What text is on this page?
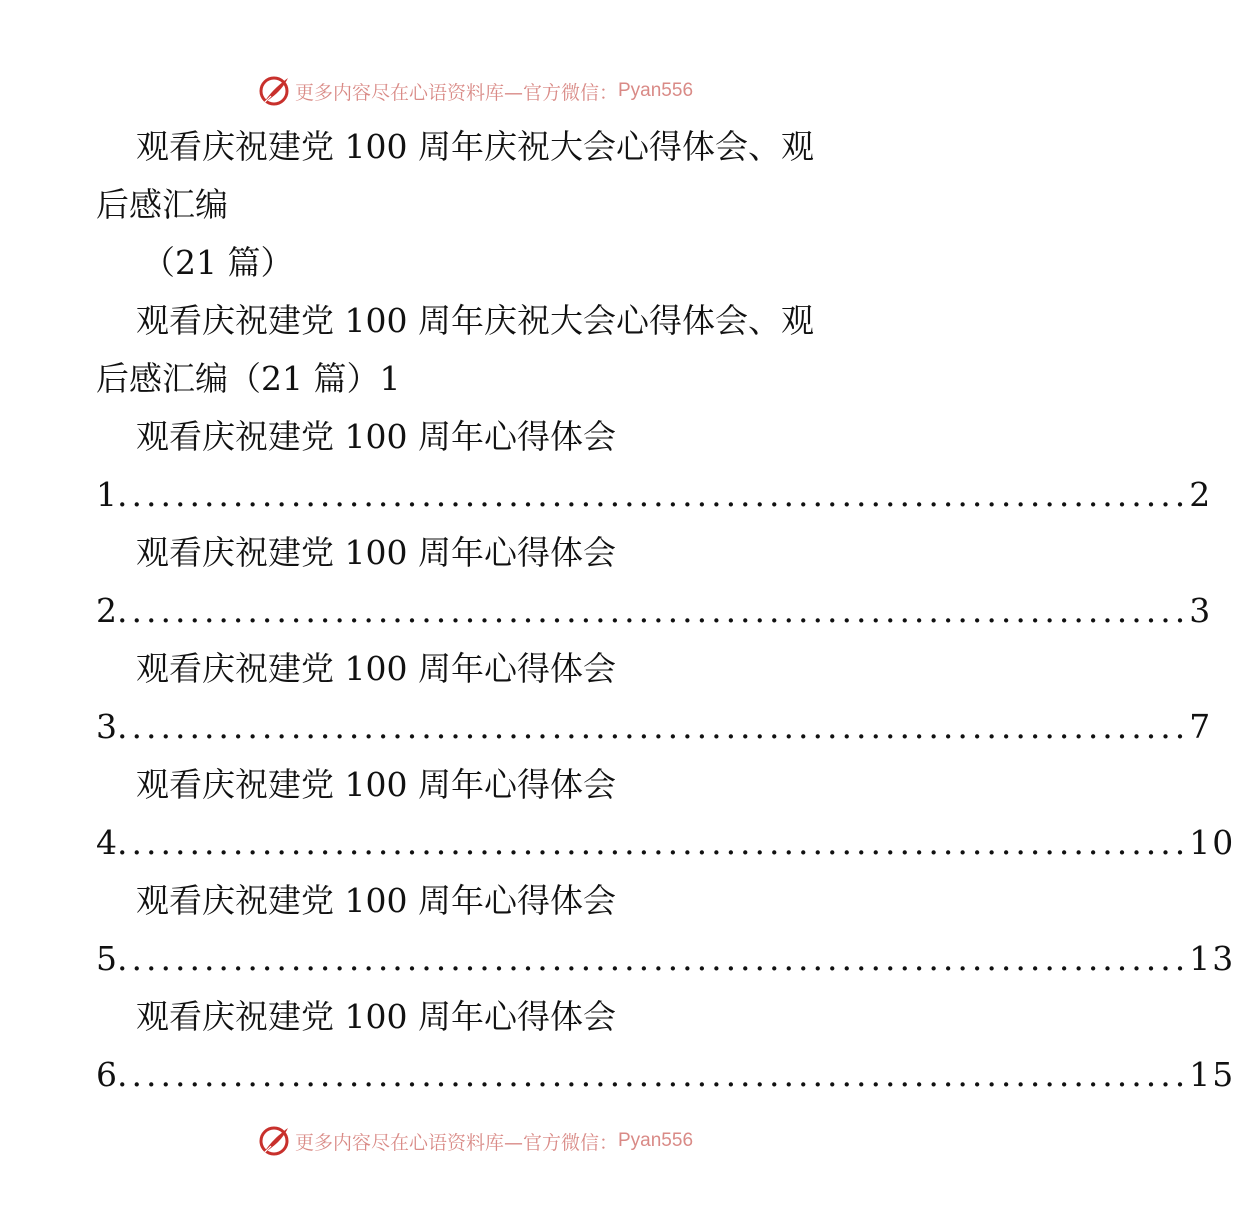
更多内容尽在心语资料库—官方微信： Pyan556
观看庆祝建党 100 周年庆祝大会心得体会、观
后感汇编
（21 篇）
观看庆祝建党 100 周年庆祝大会心得体会、观
后感汇编（21 篇）1
观看庆祝建党 100 周年心得体会
1 .......................................................................... 2
观看庆祝建党 100 周年心得体会
2 .......................................................................... 3
观看庆祝建党 100 周年心得体会
3 .......................................................................... 7
观看庆祝建党 100 周年心得体会
4 .......................................................................... 10
观看庆祝建党 100 周年心得体会
5 .......................................................................... 13
观看庆祝建党 100 周年心得体会
6 .......................................................................... 15
更多内容尽在心语资料库—官方微信： Pyan556
